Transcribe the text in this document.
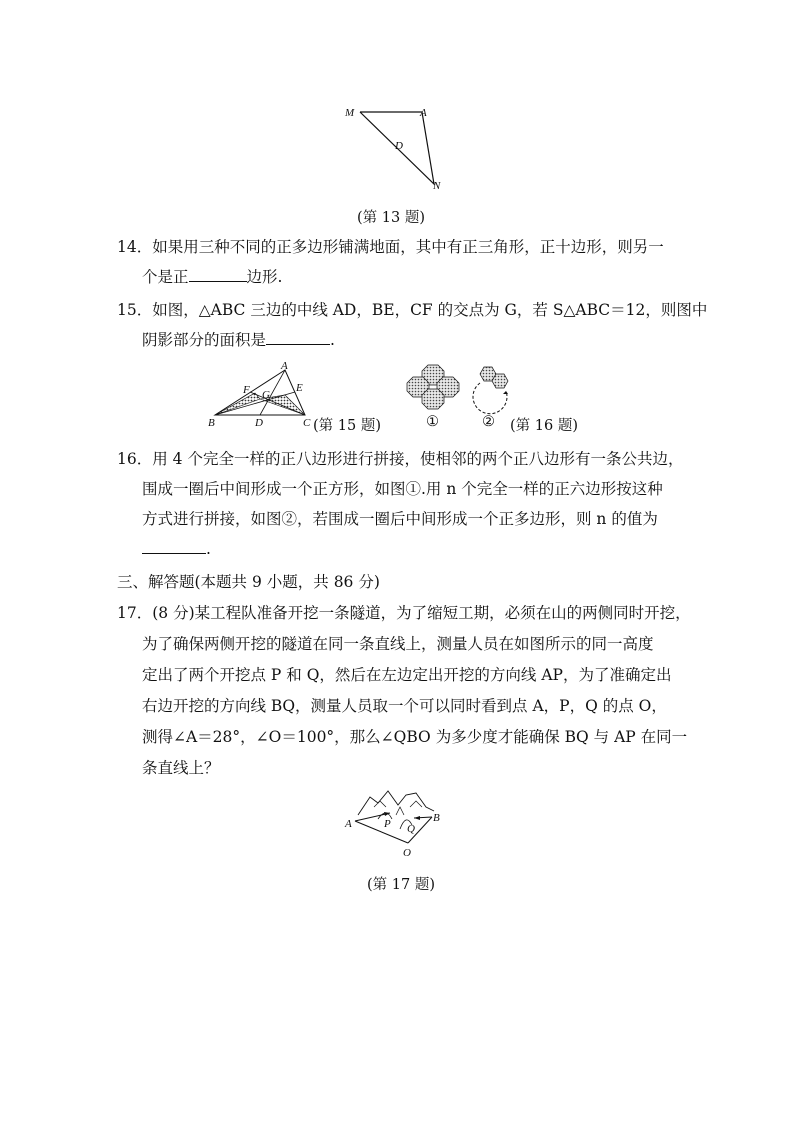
M	A
D
N
(第 13 题)
14．如果用三种不同的正多边形铺满地面，其中有正三角形，正十边形，则另一
个是正	边形.
15．如图，△ABC 三边的中线 AD，BE，CF 的交点为 G，若 S△ABC＝12，则图中
阴影部分的面积是	.
A
F G
E
B	D	C (第 15 题)	①	② (第 16 题)
16．用 4 个完全一样的正八边形进行拼接，使相邻的两个正八边形有一条公共边，
围成一圈后中间形成一个正方形，如图①.用 n 个完全一样的正六边形按这种
方式进行拼接，如图②，若围成一圈后中间形成一个正多边形，则 n 的值为
.
三、解答题(本题共 9 小题，共 86 分)
17．(8 分)某工程队准备开挖一条隧道，为了缩短工期，必须在山的两侧同时开挖，
为了确保两侧开挖的隧道在同一条直线上，测量人员在如图所示的同一高度
定出了两个开挖点 P 和 Q，然后在左边定出开挖的方向线 AP，为了准确定出
右边开挖的方向线 BQ，测量人员取一个可以同时看到点 A，P，Q 的点 O，
测得∠A＝28°，∠O＝100°，那么∠QBO 为多少度才能确保 BQ 与 AP 在同一
条直线上？
A	P Q
B
O
(第 17 题)
